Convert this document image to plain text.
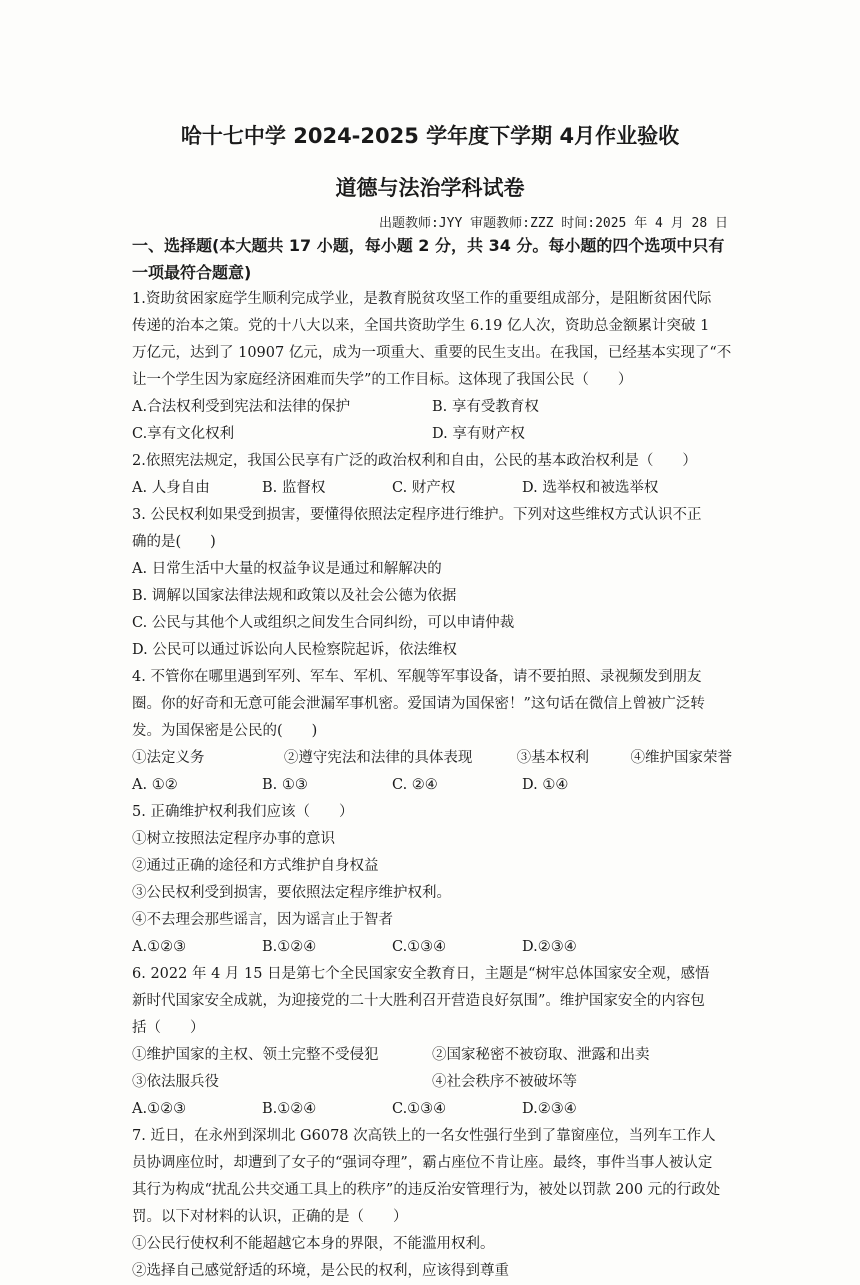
哈十七中学 2024-2025 学年度下学期 4月作业验收
道德与法治学科试卷
出题教师:JYY 审题教师:ZZZ 时间:2025 年 4 月 28 日
一、选择题(本大题共 17 小题，每小题 2 分，共 34 分。每小题的四个选项中只有
一项最符合题意)
1.资助贫困家庭学生顺利完成学业，是教育脱贫攻坚工作的重要组成部分，是阻断贫困代际
传递的治本之策。党的十八大以来，全国共资助学生 6.19 亿人次，资助总金额累计突破 1
万亿元，达到了 10907 亿元，成为一项重大、重要的民生支出。在我国，已经基本实现了“不
让一个学生因为家庭经济困难而失学”的工作目标。这体现了我国公民（　　）
A.合法权利受到宪法和法律的保护	B. 享有受教育权
C.享有文化权利	D. 享有财产权
2.依照宪法规定，我国公民享有广泛的政治权利和自由，公民的基本政治权利是（　　）
A. 人身自由	B. 监督权	C. 财产权	D. 选举权和被选举权
3. 公民权利如果受到损害，要懂得依照法定程序进行维护。下列对这些维权方式认识不正
确的是(　　)
A. 日常生活中大量的权益争议是通过和解解决的
B. 调解以国家法律法规和政策以及社会公德为依据
C. 公民与其他个人或组织之间发生合同纠纷，可以申请仲裁
D. 公民可以通过诉讼向人民检察院起诉，依法维权
4. 不管你在哪里遇到军列、军车、军机、军舰等军事设备，请不要拍照、录视频发到朋友
圈。你的好奇和无意可能会泄漏军事机密。爱国请为国保密！”这句话在微信上曾被广泛转
发。为国保密是公民的(　　)
①法定义务	②遵守宪法和法律的具体表现	③基本权利	④维护国家荣誉
A. ①②	B. ①③	C. ②④	D. ①④
5. 正确维护权利我们应该（　　）
①树立按照法定程序办事的意识
②通过正确的途径和方式维护自身权益
③公民权利受到损害，要依照法定程序维护权利。
④不去理会那些谣言，因为谣言止于智者
A.①②③	B.①②④	C.①③④	D.②③④
6. 2022 年 4 月 15 日是第七个全民国家安全教育日，主题是“树牢总体国家安全观，感悟
新时代国家安全成就，为迎接党的二十大胜利召开营造良好氛围”。维护国家安全的内容包
括（　　）
①维护国家的主权、领土完整不受侵犯	②国家秘密不被窃取、泄露和出卖
③依法服兵役	④社会秩序不被破坏等
A.①②③	B.①②④	C.①③④	D.②③④
7. 近日，在永州到深圳北 G6078 次高铁上的一名女性强行坐到了靠窗座位，当列车工作人
员协调座位时，却遭到了女子的“强词夺理”，霸占座位不肯让座。最终，事件当事人被认定
其行为构成“扰乱公共交通工具上的秩序”的违反治安管理行为，被处以罚款 200 元的行政处
罚。以下对材料的认识，正确的是（　　）
①公民行使权利不能超越它本身的界限，不能滥用权利。
②选择自己感觉舒适的环境，是公民的权利，应该得到尊重
